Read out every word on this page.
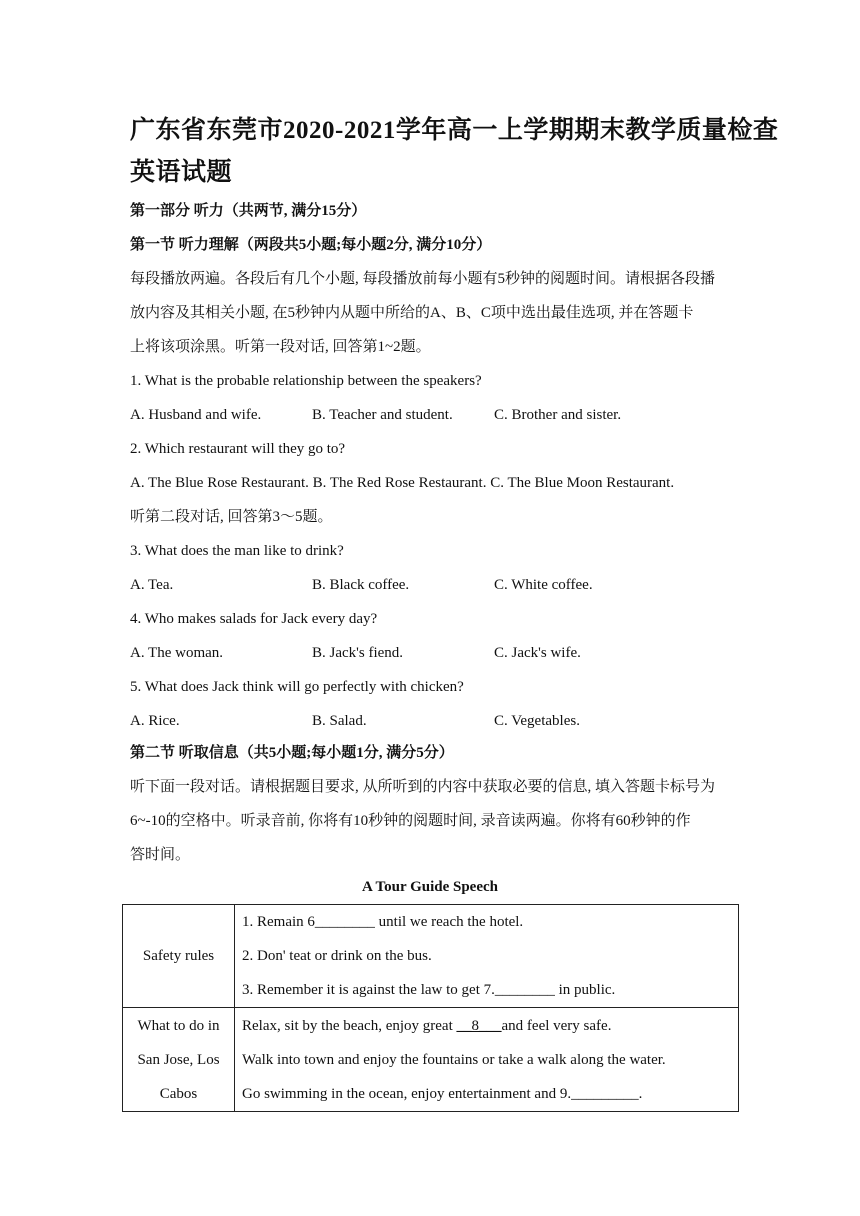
广东省东莞市2020-2021学年高一上学期期末教学质量检查
英语试题
第一部分 听力（共两节, 满分15分）
第一节 听力理解（两段共5小题;每小题2分, 满分10分）
每段播放两遍。各段后有几个小题, 每段播放前每小题有5秒钟的阅题时间。请根据各段播
放内容及其相关小题, 在5秒钟内从题中所给的A、B、C项中选出最佳选项, 并在答题卡
上将该项涂黑。听第一段对话, 回答第1~2题。
1. What is the probable relationship between the speakers?
A. Husband and wife.	B. Teacher and student.	C. Brother and sister.
2. Which restaurant will they go to?
A. The Blue Rose Restaurant. B. The Red Rose Restaurant. C. The Blue Moon Restaurant.
听第二段对话, 回答第3～5题。
3. What does the man like to drink?
A. Tea.	B. Black coffee.	C. White coffee.
4. Who makes salads for Jack every day?
A. The woman.	B. Jack's fiend.	C. Jack's wife.
5. What does Jack think will go perfectly with chicken?
A. Rice.	B. Salad.	C. Vegetables.
第二节 听取信息（共5小题;每小题1分, 满分5分）
听下面一段对话。请根据题目要求, 从所听到的内容中获取必要的信息, 填入答题卡标号为
6~-10的空格中。听录音前, 你将有10秒钟的阅题时间, 录音读两遍。你将有60秒钟的作
答时间。
A Tour Guide Speech
Safety rules	1. Remain 6________ until we reach the hotel.
2. Don' teat or drink on the bus.
3. Remember it is against the law to get 7.________ in public.

What to do in
San Jose, Los
Cabos	Relax, sit by the beach, enjoy great __8___and feel very safe.
Walk into town and enjoy the fountains or take a walk along the water.
Go swimming in the ocean, enjoy entertainment and 9._________.
